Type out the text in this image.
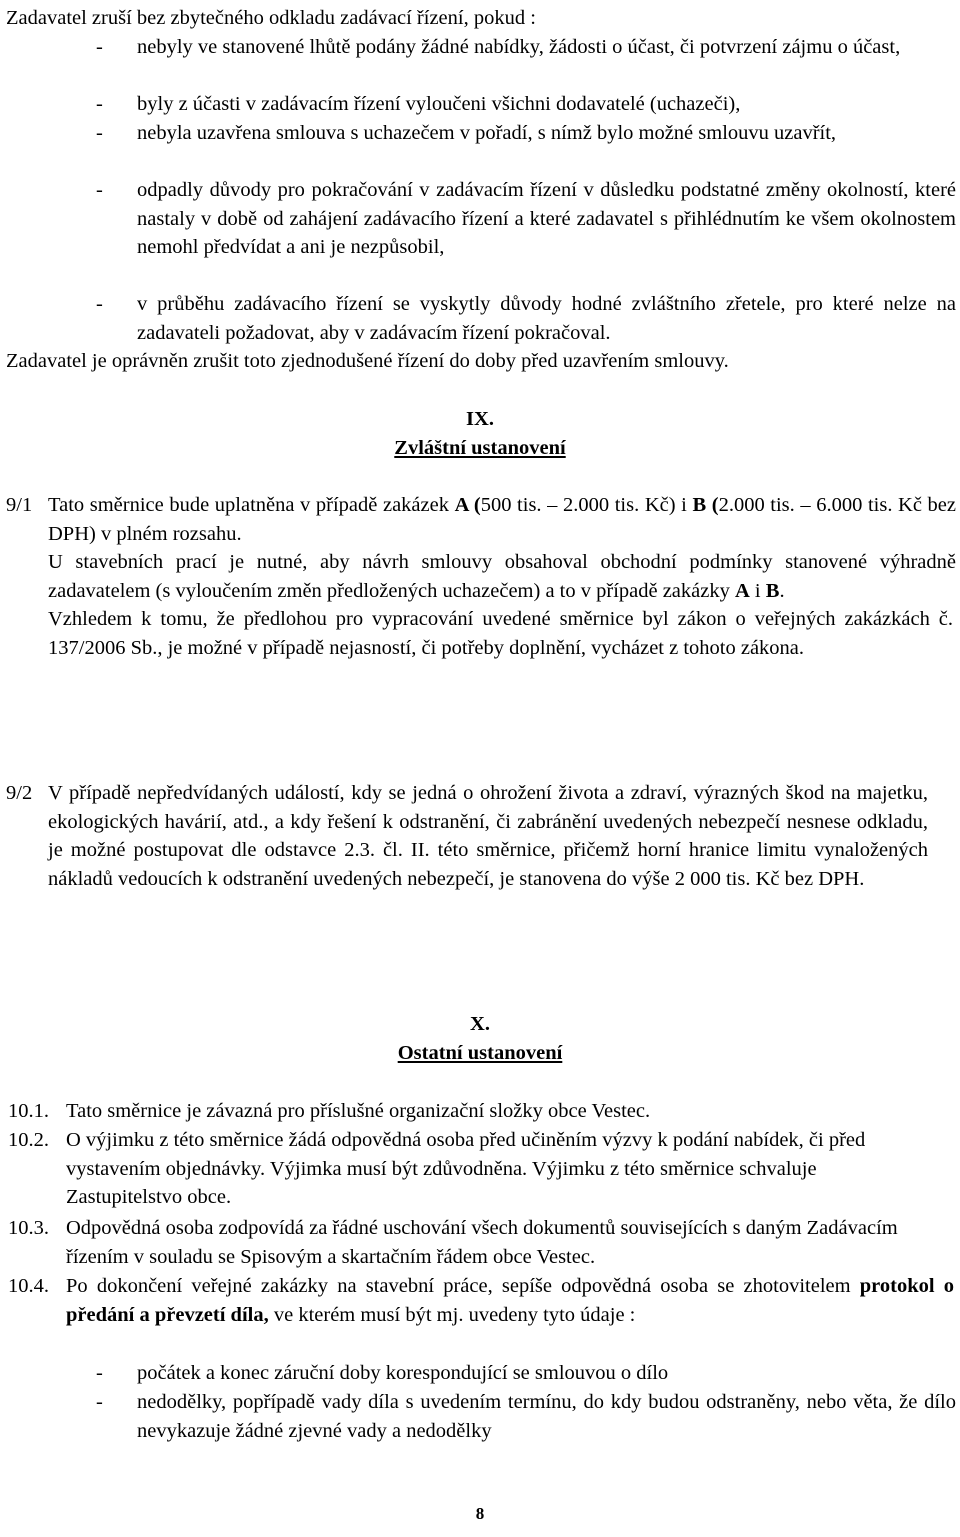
Zadavatel zruší bez zbytečného odkladu zadávací řízení, pokud :
- nebyly ve stanovené lhůtě podány žádné nabídky, žádosti o účast, či potvrzení zájmu o účast,
- byly z účasti v zadávacím řízení vyloučeni všichni dodavatelé (uchazeči),
- nebyla uzavřena smlouva s uchazečem v pořadí, s nímž bylo možné smlouvu uzavřít,
- odpadly důvody pro pokračování v zadávacím řízení v důsledku podstatné změny okolností, které nastaly v době od zahájení zadávacího řízení a které zadavatel s přihlédnutím ke všem okolnostem nemohl předvídat a ani je nezpůsobil,
- v průběhu zadávacího řízení se vyskytly důvody hodné zvláštního zřetele, pro které nelze na zadavateli požadovat, aby v zadávacím řízení pokračoval.
Zadavatel je oprávněn zrušit toto zjednodušené řízení do doby před uzavřením smlouvy.
IX.
Zvláštní ustanovení
9/1 Tato směrnice bude uplatněna v případě zakázek A (500 tis. – 2.000 tis. Kč) i B (2.000 tis. – 6.000 tis. Kč bez DPH) v plném rozsahu.
U stavebních prací je nutné, aby návrh smlouvy obsahoval obchodní podmínky stanovené výhradně zadavatelem (s vyloučením změn předložených uchazečem) a to v případě zakázky A i B.
Vzhledem k tomu, že předlohou pro vypracování uvedené směrnice byl zákon o veřejných zakázkách č. 137/2006 Sb., je možné v případě nejasností, či potřeby doplnění, vycházet z tohoto zákona.
9/2 V případě nepředvídaných událostí, kdy se jedná o ohrožení života a zdraví, výrazných škod na majetku, ekologických havárií, atd., a kdy řešení k odstranění, či zabránění uvedených nebezpečí nesnese odkladu, je možné postupovat dle odstavce 2.3. čl. II. této směrnice, přičemž horní hranice limitu vynaložených nákladů vedoucích k odstranění uvedených nebezpečí, je stanovena do výše 2 000 tis. Kč bez DPH.
X.
Ostatní ustanovení
10.1. Tato směrnice je závazná pro příslušné organizační složky obce Vestec.
10.2. O výjimku z této směrnice žádá odpovědná osoba před učiněním výzvy k podání nabídek, či před vystavením objednávky. Výjimka musí být zdůvodněna. Výjimku z této směrnice schvaluje Zastupitelstvo obce.
10.3. Odpovědná osoba zodpovídá za řádné uschování všech dokumentů souvisejících s daným Zadávacím řízením v souladu se Spisovým a skartačním řádem obce Vestec.
10.4. Po dokončení veřejné zakázky na stavební práce, sepíše odpovědná osoba se zhotovitelem protokol o předání a převzetí díla, ve kterém musí být mj. uvedeny tyto údaje :
- počátek a konec záruční doby korespondující se smlouvou o dílo
- nedodělky, popřípadě vady díla s uvedením termínu, do kdy budou odstraněny, nebo věta, že dílo nevykazuje žádné zjevné vady a nedodělky
8
